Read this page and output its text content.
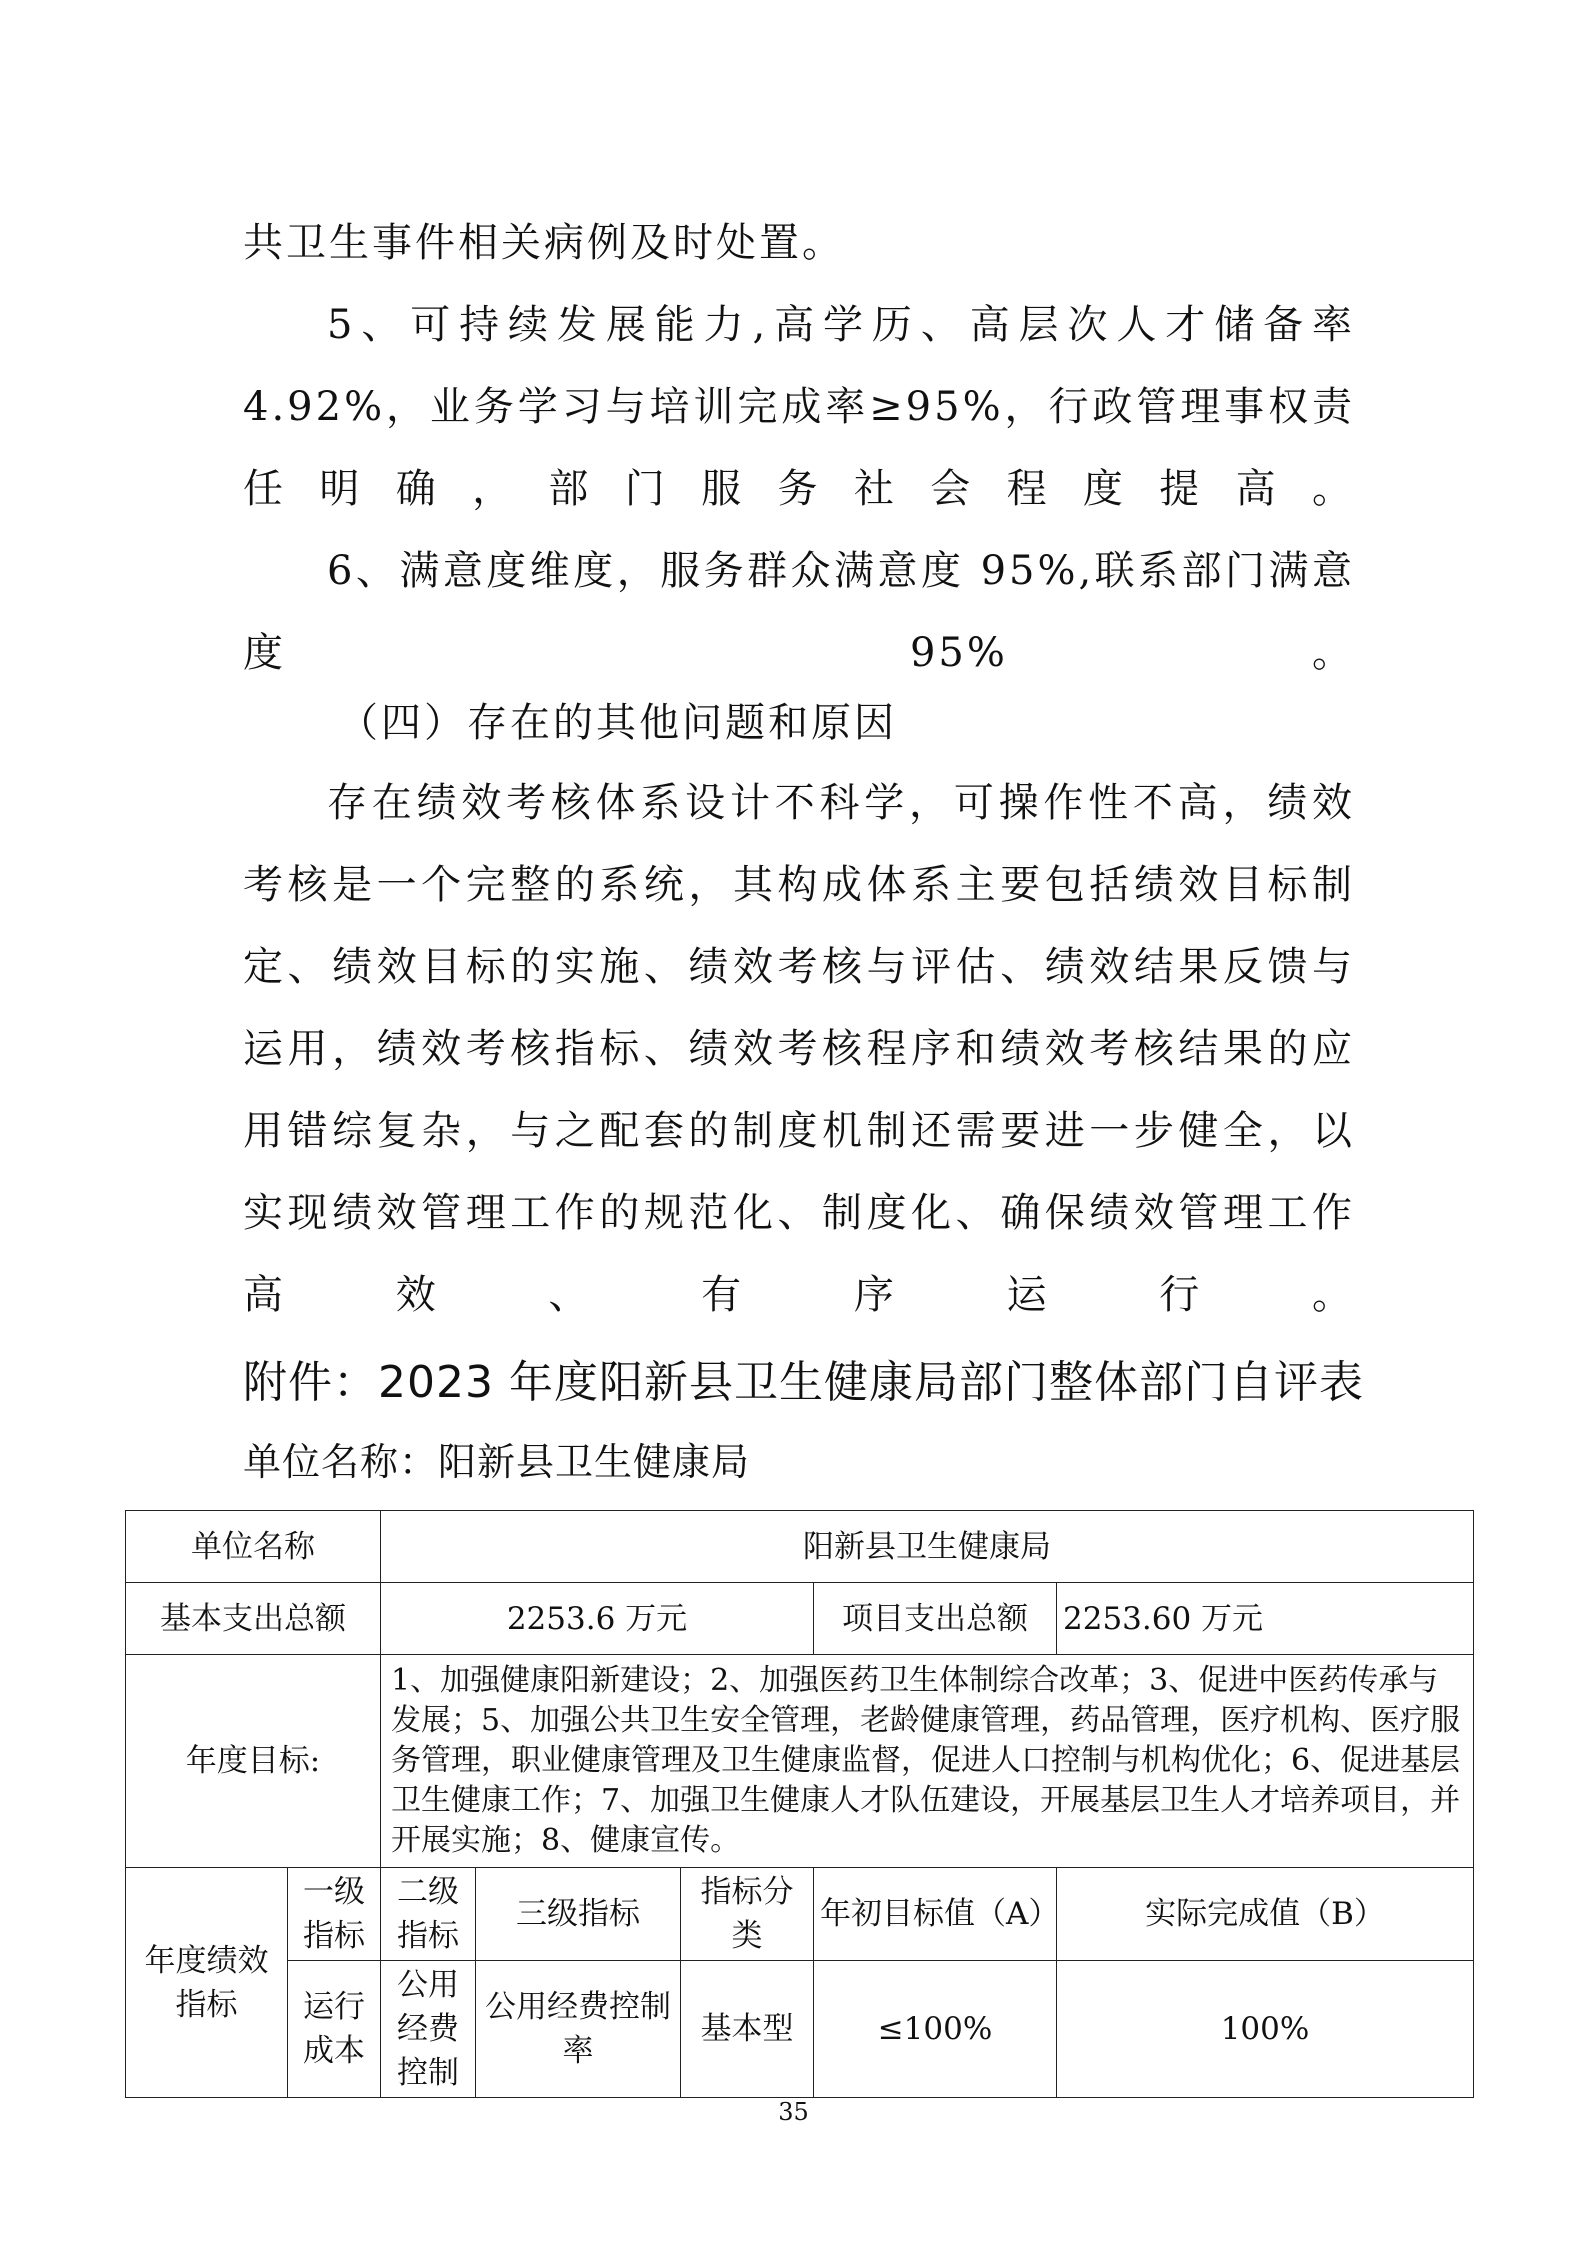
共卫生事件相关病例及时处置。

5、可持续发展能力,高学历、高层次人才储备率 4.92%，业务学习与培训完成率≥95%，行政管理事权责任明确，部门服务社会程度提高。

6、满意度维度，服务群众满意度 95%,联系部门满意度 95%。

（四）存在的其他问题和原因

存在绩效考核体系设计不科学，可操作性不高，绩效考核是一个完整的系统，其构成体系主要包括绩效目标制定、绩效目标的实施、绩效考核与评估、绩效结果反馈与运用，绩效考核指标、绩效考核程序和绩效考核结果的应用错综复杂，与之配套的制度机制还需要进一步健全，以实现绩效管理工作的规范化、制度化、确保绩效管理工作高效、有序运行。

附件：2023 年度阳新县卫生健康局部门整体部门自评表

单位名称：阳新县卫生健康局

单位名称		阳新县卫生健康局				
基本支出总额		2253.6 万元			项目支出总额	2253.60 万元
年度目标:		1、加强健康阳新建设；2、加强医药卫生体制综合改革；3、促进中医药传承与发展；5、加强公共卫生安全管理，老龄健康管理，药品管理，医疗机构、医疗服务管理，职业健康管理及卫生健康监督，促进人口控制与机构优化；6、促进基层卫生健康工作；7、加强卫生健康人才队伍建设，开展基层卫生人才培养项目，并开展实施；8、健康宣传。				
年度绩效指标	一级指标	二级指标	三级指标	指标分类	年初目标值（A）	实际完成值（B）
	运行成本	公用经费控制	公用经费控制率	基本型	≤100%	100%

35
